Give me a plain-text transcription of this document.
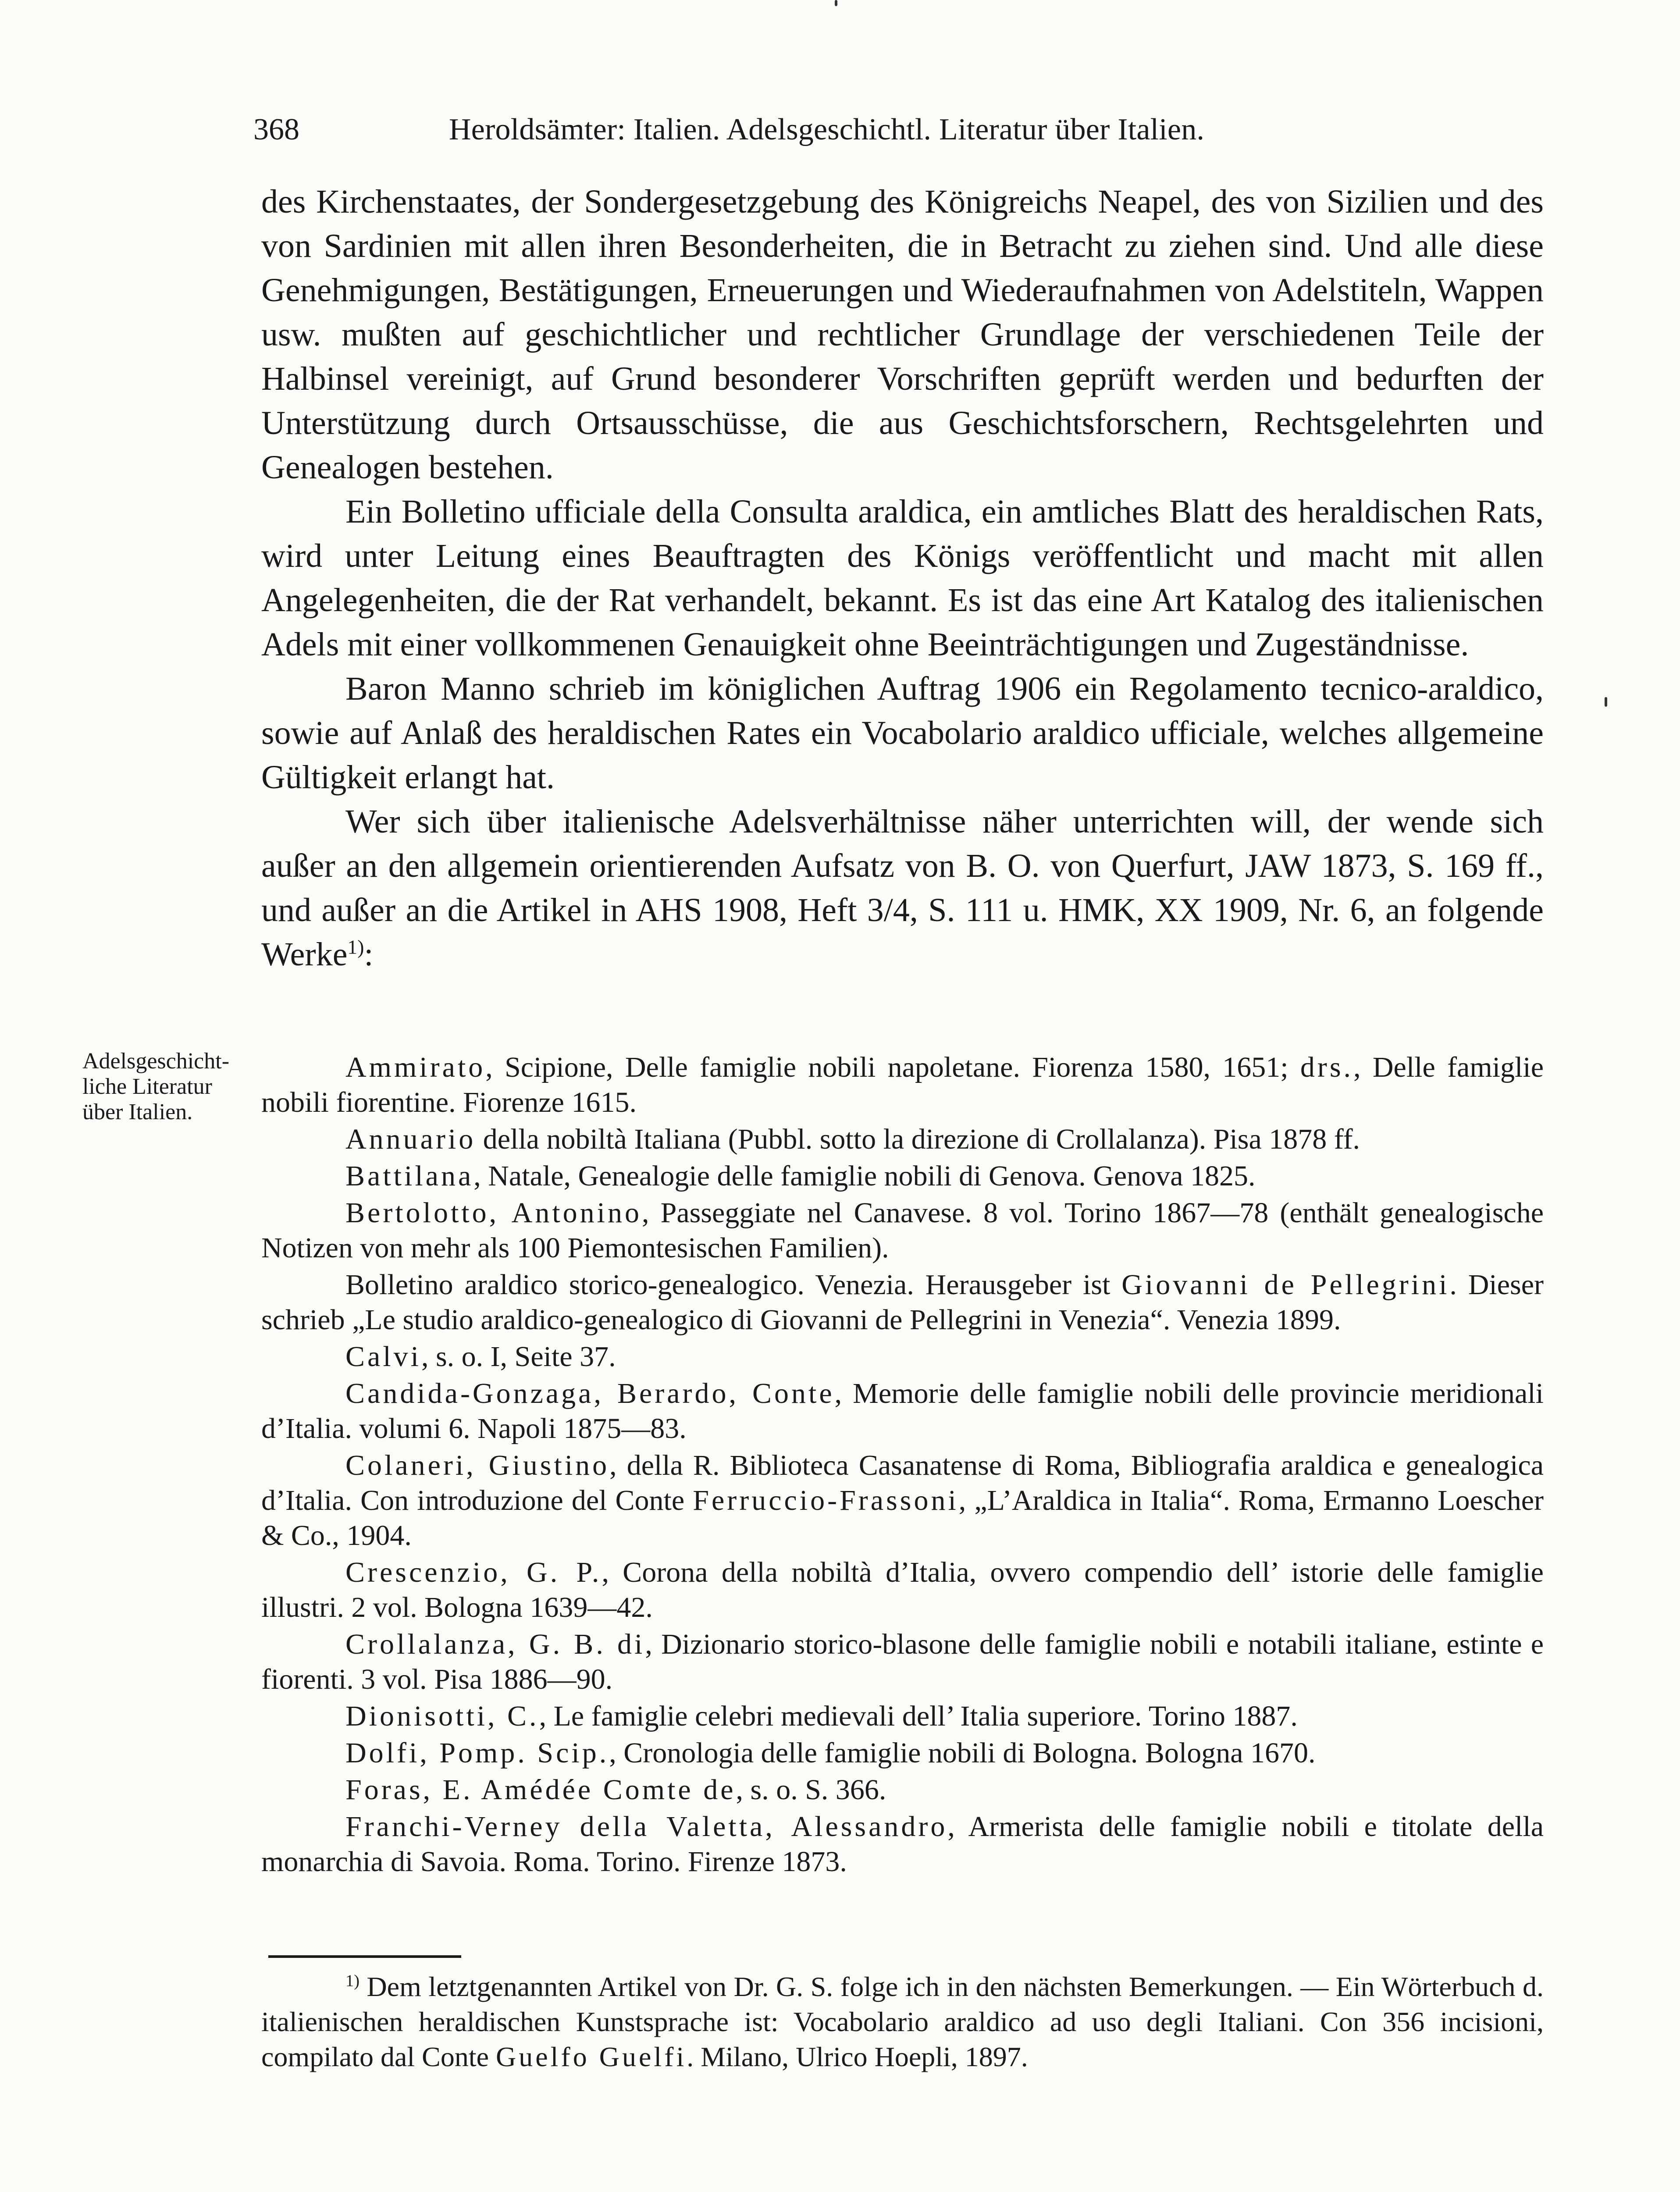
368	Heroldsämter: Italien. Adelsgeschichtl. Literatur über Italien.

des Kirchenstaates, der Sondergesetzgebung des Königreichs Neapel, des von Sizilien und des von Sardinien mit allen ihren Besonderheiten, die in Betracht zu ziehen sind. Und alle diese Genehmigungen, Bestätigungen, Erneuerungen und Wiederaufnahmen von Adelstiteln, Wappen usw. mußten auf geschichtlicher und rechtlicher Grundlage der verschiedenen Teile der Halbinsel vereinigt, auf Grund besonderer Vorschriften geprüft werden und bedurften der Unterstützung durch Ortsausschüsse, die aus Geschichtsforschern, Rechtsgelehrten und Genealogen bestehen.

Ein Bolletino ufficiale della Consulta araldica, ein amtliches Blatt des heraldischen Rats, wird unter Leitung eines Beauftragten des Königs veröffentlicht und macht mit allen Angelegenheiten, die der Rat verhandelt, bekannt. Es ist das eine Art Katalog des italienischen Adels mit einer vollkommenen Genauigkeit ohne Beeinträchtigungen und Zugeständnisse.

Baron Manno schrieb im königlichen Auftrag 1906 ein Regolamento tecnico-araldico, sowie auf Anlaß des heraldischen Rates ein Vocabolario araldico ufficiale, welches allgemeine Gültigkeit erlangt hat.

Wer sich über italienische Adelsverhältnisse näher unterrichten will, der wende sich außer an den allgemein orientierenden Aufsatz von B. O. von Querfurt, JAW 1873, S. 169 ff., und außer an die Artikel in AHS 1908, Heft 3/4, S. 111 u. HMK, XX 1909, Nr. 6, an folgende Werke$^{1)}$:

Adelsgeschicht-
liche Literatur
über Italien.

Ammirato, Scipione, Delle famiglie nobili napoletane. Fiorenza 1580, 1651; drs., Delle famiglie nobili fiorentine. Fiorenze 1615.

Annuario della nobiltà Italiana (Pubbl. sotto la direzione di Crollalanza). Pisa 1878 ff.

Battilana, Natale, Genealogie delle famiglie nobili di Genova. Genova 1825.

Bertolotto, Antonino, Passeggiate nel Canavese. 8 vol. Torino 1867—78 (enthält genealogische Notizen von mehr als 100 Piemontesischen Familien).

Bolletino araldico storico-genealogico. Venezia. Herausgeber ist Giovanni de Pellegrini. Dieser schrieb „Le studio araldico-genealogico di Giovanni de Pellegrini in Venezia“. Venezia 1899.

Calvi, s. o. I, Seite 37.

Candida-Gonzaga, Berardo, Conte, Memorie delle famiglie nobili delle provincie meridionali d’Italia. volumi 6. Napoli 1875—83.

Colaneri, Giustino, della R. Biblioteca Casanatense di Roma, Bibliografia araldica e genealogica d’Italia. Con introduzione del Conte Ferruccio-Frassoni, „L’Araldica in Italia“. Roma, Ermanno Loescher & Co., 1904.

Crescenzio, G. P., Corona della nobiltà d’Italia, ovvero compendio dell’ istorie delle famiglie illustri. 2 vol. Bologna 1639—42.

Crollalanza, G. B. di, Dizionario storico-blasone delle famiglie nobili e notabili italiane, estinte e fiorenti. 3 vol. Pisa 1886—90.

Dionisotti, C., Le famiglie celebri medievali dell’ Italia superiore. Torino 1887.

Dolfi, Pomp. Scip., Cronologia delle famiglie nobili di Bologna. Bologna 1670.

Foras, E. Amédée Comte de, s. o. S. 366.

Franchi-Verney della Valetta, Alessandro, Armerista delle famiglie nobili e titolate della monarchia di Savoia. Roma. Torino. Firenze 1873.

$^{1)}$ Dem letztgenannten Artikel von Dr. G. S. folge ich in den nächsten Bemerkungen. — Ein Wörterbuch d. italienischen heraldischen Kunstsprache ist: Vocabolario araldico ad uso degli Italiani. Con 356 incisioni, compilato dal Conte Guelfo Guelfi. Milano, Ulrico Hoepli, 1897.
